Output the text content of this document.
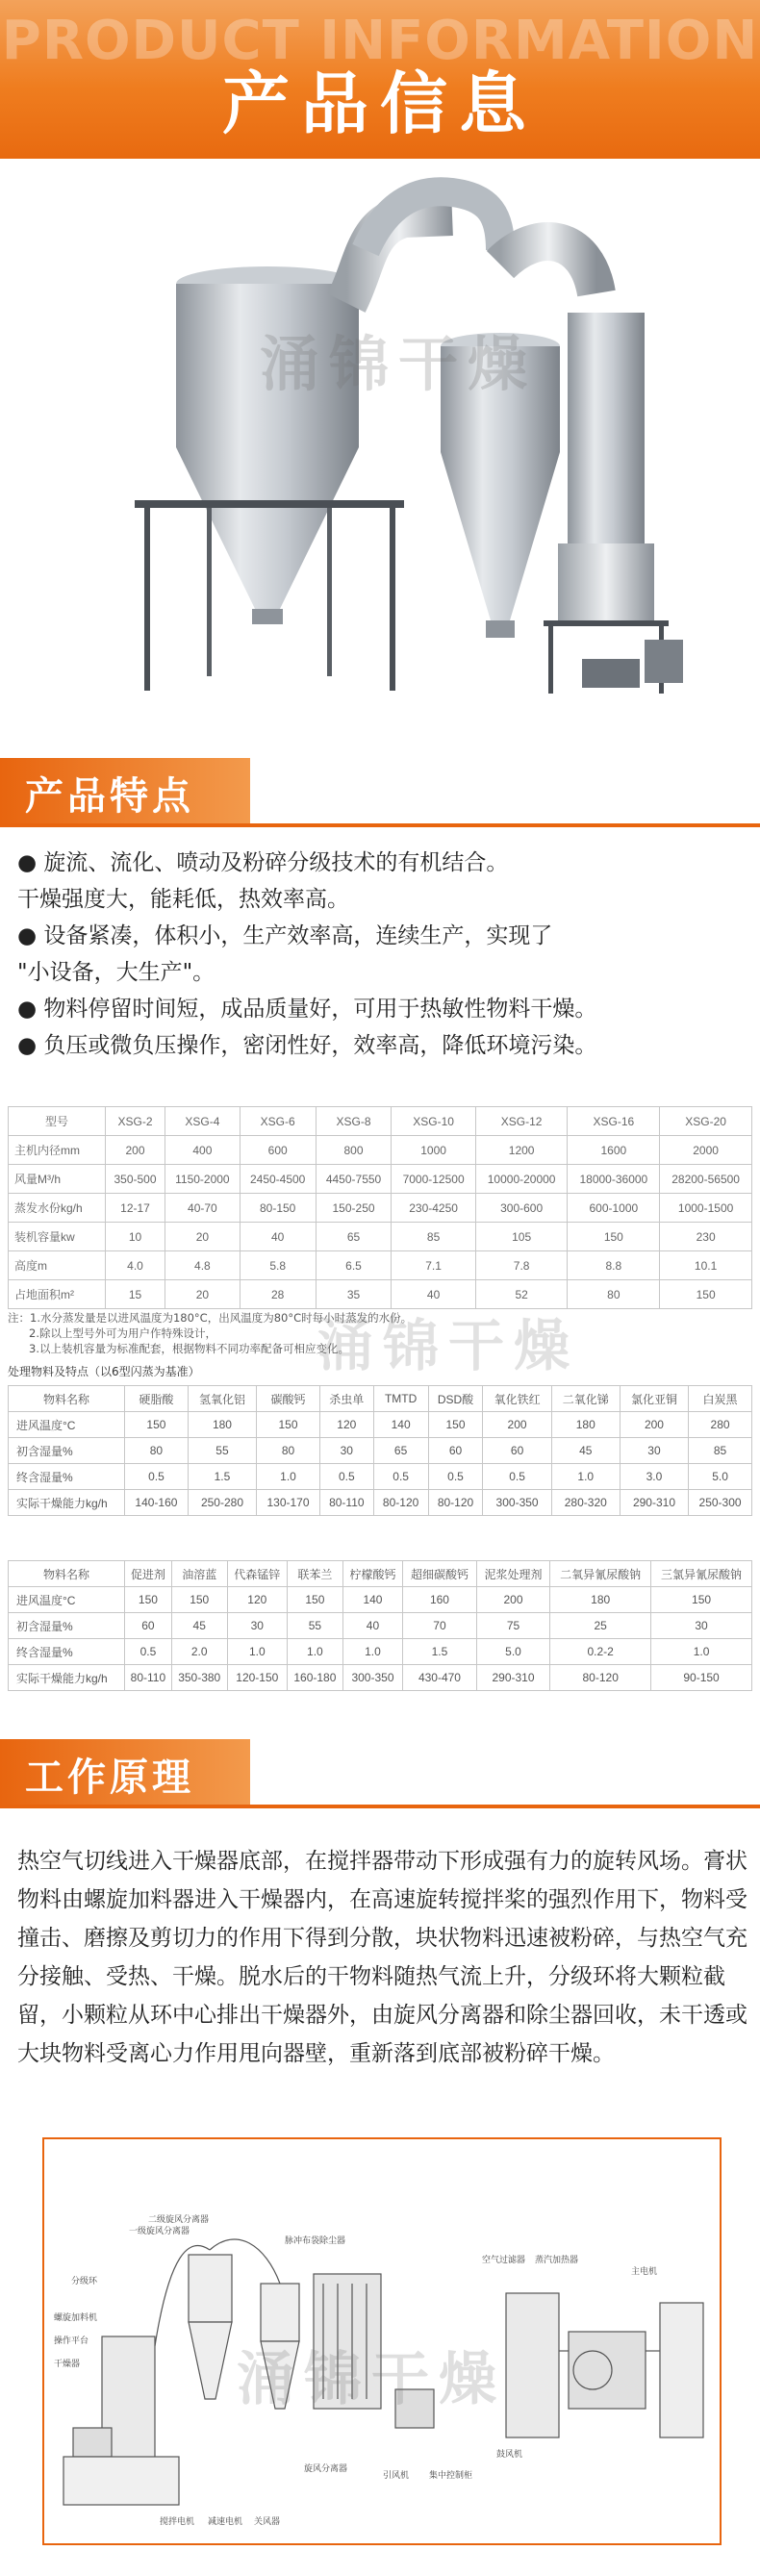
PRODUCT INFORMATION
产品信息
涌锦干燥
产品特点
● 旋流、流化、喷动及粉碎分级技术的有机结合。
干燥强度大，能耗低，热效率高。
● 设备紧凑，体积小，生产效率高，连续生产，实现了
"小设备，大生产"。
● 物料停留时间短，成品质量好，可用于热敏性物料干燥。
● 负压或微负压操作，密闭性好，效率高，降低环境污染。
型号	XSG-2	XSG-4	XSG-6	XSG-8	XSG-10	XSG-12	XSG-16	XSG-20
主机内径mm	200	400	600	800	1000	1200	1600	2000
风量M³/h	350-500	1150-2000	2450-4500	4450-7550	7000-12500	10000-20000	18000-36000	28200-56500
蒸发水份kg/h	12-17	40-70	80-150	150-250	230-4250	300-600	600-1000	1000-1500
装机容量kw	10	20	40	65	85	105	150	230
高度m	4.0	4.8	5.8	6.5	7.1	7.8	8.8	10.1
占地面积m²	15	20	28	35	40	52	80	150
注：1.水分蒸发量是以进风温度为180°C，出风温度为80°C时每小时蒸发的水份。
2.除以上型号外可为用户作特殊设计，
3.以上装机容量为标准配套，根据物料不同功率配备可相应变化。
涌锦干燥
处理物料及特点（以6型闪蒸为基准）
物料名称	硬脂酸	氢氧化铝	碳酸钙	杀虫单	TMTD	DSD酸	氧化铁红	二氧化锑	氯化亚铜	白炭黑
进风温度°C	150	180	150	120	140	150	200	180	200	280
初含湿量%	80	55	80	30	65	60	60	45	30	85
终含湿量%	0.5	1.5	1.0	0.5	0.5	0.5	0.5	1.0	3.0	5.0
实际干燥能力kg/h	140-160	250-280	130-170	80-110	80-120	80-120	300-350	280-320	290-310	250-300
物料名称	促进剂	油溶蓝	代森锰锌	联苯兰	柠檬酸钙	超细碳酸钙	泥浆处理剂	二氧异氰尿酸钠	三氯异氰尿酸钠
进风温度°C	150	150	120	150	140	160	200	180	150
初含湿量%	60	45	30	55	40	70	75	25	30
终含湿量%	0.5	2.0	1.0	1.0	1.0	1.5	5.0	0.2-2	1.0
实际干燥能力kg/h	80-110	350-380	120-150	160-180	300-350	430-470	290-310	80-120	90-150
工作原理
热空气切线进入干燥器底部，在搅拌器带动下形成强有力的旋转风场。膏状物料由螺旋加料器进入干燥器内，在高速旋转搅拌桨的强烈作用下，物料受撞击、磨擦及剪切力的作用下得到分散，块状物料迅速被粉碎，与热空气充分接触、受热、干燥。脱水后的干物料随热气流上升，分级环将大颗粒截留，小颗粒从环中心排出干燥器外，由旋风分离器和除尘器回收，未干透或大块物料受离心力作用甩向器壁，重新落到底部被粉碎干燥。
一级旋风分离器
二级旋风分离器
分级环
螺旋加料机
操作平台
干燥器
脉冲布袋除尘器
空气过滤器 蒸汽加热器
主电机
引风机 集中控制柜
鼓风机
搅拌电机 减速电机 关风器
旋风分离器
涌锦干燥
